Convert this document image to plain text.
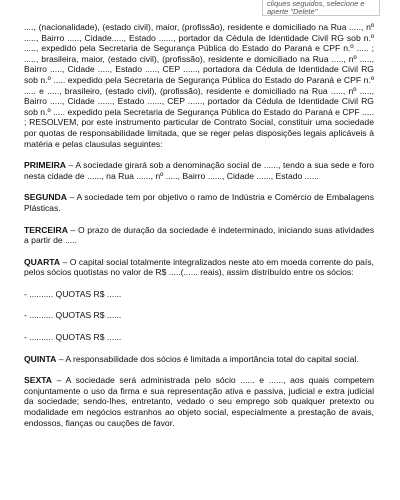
cliques seguidos, selecione e aperte "Delete"

...., (nacionalidade), (estado civil), maior, (profissão), residente e domiciliado na Rua ....., nº ....., Bairro ....., Cidade....., Estado ......, portador da Cédula de Identidade Civil RG sob n.º ....., expedido pela Secretaria de Segurança Pública do Estado do Paraná e CPF n.º ..... ; ....., brasileira, maior, (estado civil), (profissão), residente e domiciliado na Rua ....., nº ....., Bairro ....., Cidade ....., Estado ....., CEP ......, portadora da Cédula de Identidade Civil RG sob n.º ..... expedido pela Secretaria de Segurança Pública do Estado do Paraná e CPF n.º ..... e ....., brasileiro, (estado civil), (profissão), residente e domiciliado na Rua ....., nº ....., Bairro ....., Cidade ......, Estado ......, CEP ......, portador da Cédula de Identidade Civil RG sob n.º ..... expedido pela Secretaria de Segurança Pública do Estado do Paraná e CPF ..... ; RESOLVEM, por este instrumento particular de Contrato Social, constituir uma sociedade por quotas de responsabilidade limitada, que se reger pelas disposições legais aplicáveis à matéria e pelas clausulas seguintes:

PRIMEIRA – A sociedade girará sob a denominação social de ......, tendo a sua sede e foro nesta cidade de ......, na Rua ......, nº ....., Bairro ......, Cidade ......, Estado ......

SEGUNDA – A sociedade tem por objetivo o ramo de Indústria e Comércio de Embalagens Plásticas.

TERCEIRA – O prazo de duração da sociedade é indeterminado, iniciando suas atividades a partir de .....

QUARTA – O capital social totalmente integralizados neste ato em moeda corrente do país, pelos sócios quotistas no valor de R$ .....(...... reais), assim distribuído entre os sócios:

- .......... QUOTAS R$ ......

- .......... QUOTAS R$ ......

- .......... QUOTAS R$ ......

QUINTA – A responsabilidade dos sócios é limitada a importância total do capital social.

SEXTA – A sociedade será administrada pelo sócio ...... e ......, aos quais competem conjuntamente o uso da firma e sua representação ativa e passiva, judicial e extra judicial da sociedade; sendo-lhes, entretanto, vedado o seu emprego sob qualquer pretexto ou modalidade em negócios estranhos ao objeto social, especialmente a prestação de avais, endossos, fianças ou cauções de favor.
